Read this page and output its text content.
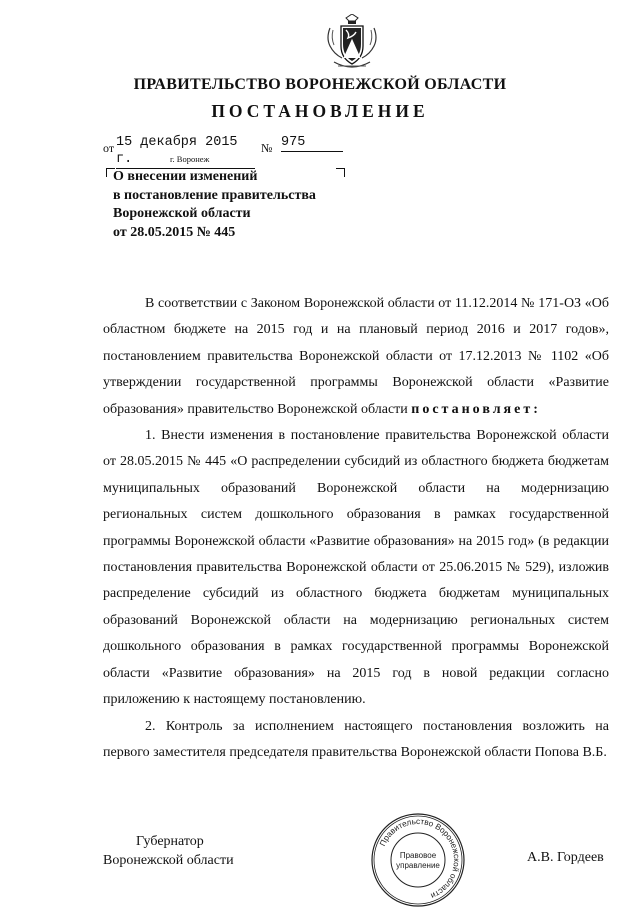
ПРАВИТЕЛЬСТВО ВОРОНЕЖСКОЙ ОБЛАСТИ
ПОСТАНОВЛЕНИЕ
от 15 декабря 2015 г.
№ 975
г. Воронеж
О внесении изменений
в постановление правительства
Воронежской области
от 28.05.2015 № 445

В соответствии с Законом Воронежской области от 11.12.2014 № 171-ОЗ «Об областном бюджете на 2015 год и на плановый период 2016 и 2017 годов», постановлением правительства Воронежской области от 17.12.2013 № 1102 «Об утверждении государственной программы Воронежской области «Развитие образования» правительство Воронежской области постановляет:

1. Внести изменения в постановление правительства Воронежской области от 28.05.2015 № 445 «О распределении субсидий из областного бюджета бюджетам муниципальных образований Воронежской области на модернизацию региональных систем дошкольного образования в рамках государственной программы Воронежской области «Развитие образования» на 2015 год» (в редакции постановления правительства Воронежской области от 25.06.2015 № 529), изложив распределение субсидий из областного бюджета бюджетам муниципальных образований Воронежской области на модернизацию региональных систем дошкольного образования в рамках государственной программы Воронежской области «Развитие образования» на 2015 год в новой редакции согласно приложению к настоящему постановлению.

2. Контроль за исполнением настоящего постановления возложить на первого заместителя председателя правительства Воронежской области Попова В.Б.

Губернатор
Воронежской области	А.В. Гордеев
Правительство Воронежской области
Правовое
управление
